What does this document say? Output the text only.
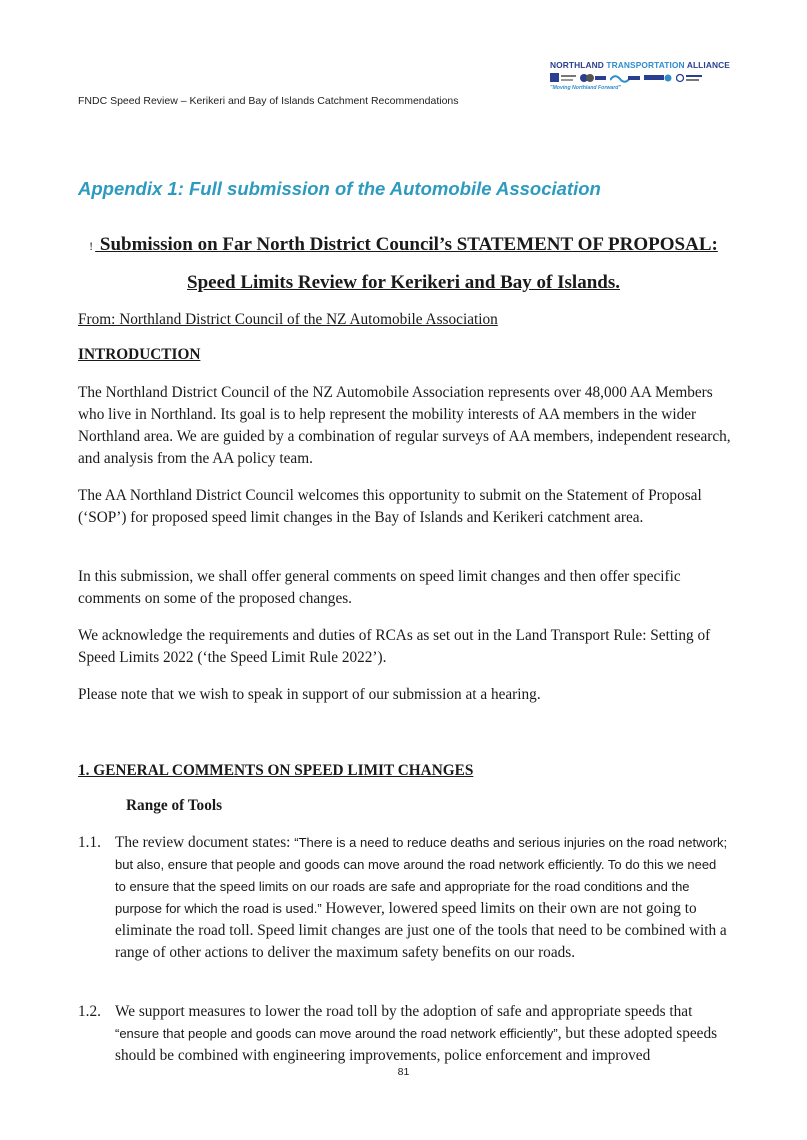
FNDC Speed Review – Kerikeri and Bay of Islands Catchment Recommendations
NORTHLAND TRANSPORTATION ALLIANCE
"Moving Northland Forward"
Appendix 1: Full submission of the Automobile Association
! Submission on Far North District Council’s STATEMENT OF PROPOSAL:
Speed Limits Review for Kerikeri and Bay of Islands.
From: Northland District Council of the NZ Automobile Association
INTRODUCTION
The Northland District Council of the NZ Automobile Association represents over 48,000 AA Members who live in Northland. Its goal is to help represent the mobility interests of AA members in the wider Northland area. We are guided by a combination of regular surveys of AA members, independent research, and analysis from the AA policy team.
The AA Northland District Council welcomes this opportunity to submit on the Statement of Proposal (‘SOP’) for proposed speed limit changes in the Bay of Islands and Kerikeri catchment area.
In this submission, we shall offer general comments on speed limit changes and then offer specific comments on some of the proposed changes.
We acknowledge the requirements and duties of RCAs as set out in the Land Transport Rule: Setting of Speed Limits 2022 (‘the Speed Limit Rule 2022’).
Please note that we wish to speak in support of our submission at a hearing.
1. GENERAL COMMENTS ON SPEED LIMIT CHANGES
Range of Tools
1.1. The review document states: “There is a need to reduce deaths and serious injuries on the road network; but also, ensure that people and goods can move around the road network efficiently. To do this we need to ensure that the speed limits on our roads are safe and appropriate for the road conditions and the purpose for which the road is used.” However, lowered speed limits on their own are not going to eliminate the road toll. Speed limit changes are just one of the tools that need to be combined with a range of other actions to deliver the maximum safety benefits on our roads.
1.2. We support measures to lower the road toll by the adoption of safe and appropriate speeds that “ensure that people and goods can move around the road network efficiently”, but these adopted speeds should be combined with engineering improvements, police enforcement and improved
81
